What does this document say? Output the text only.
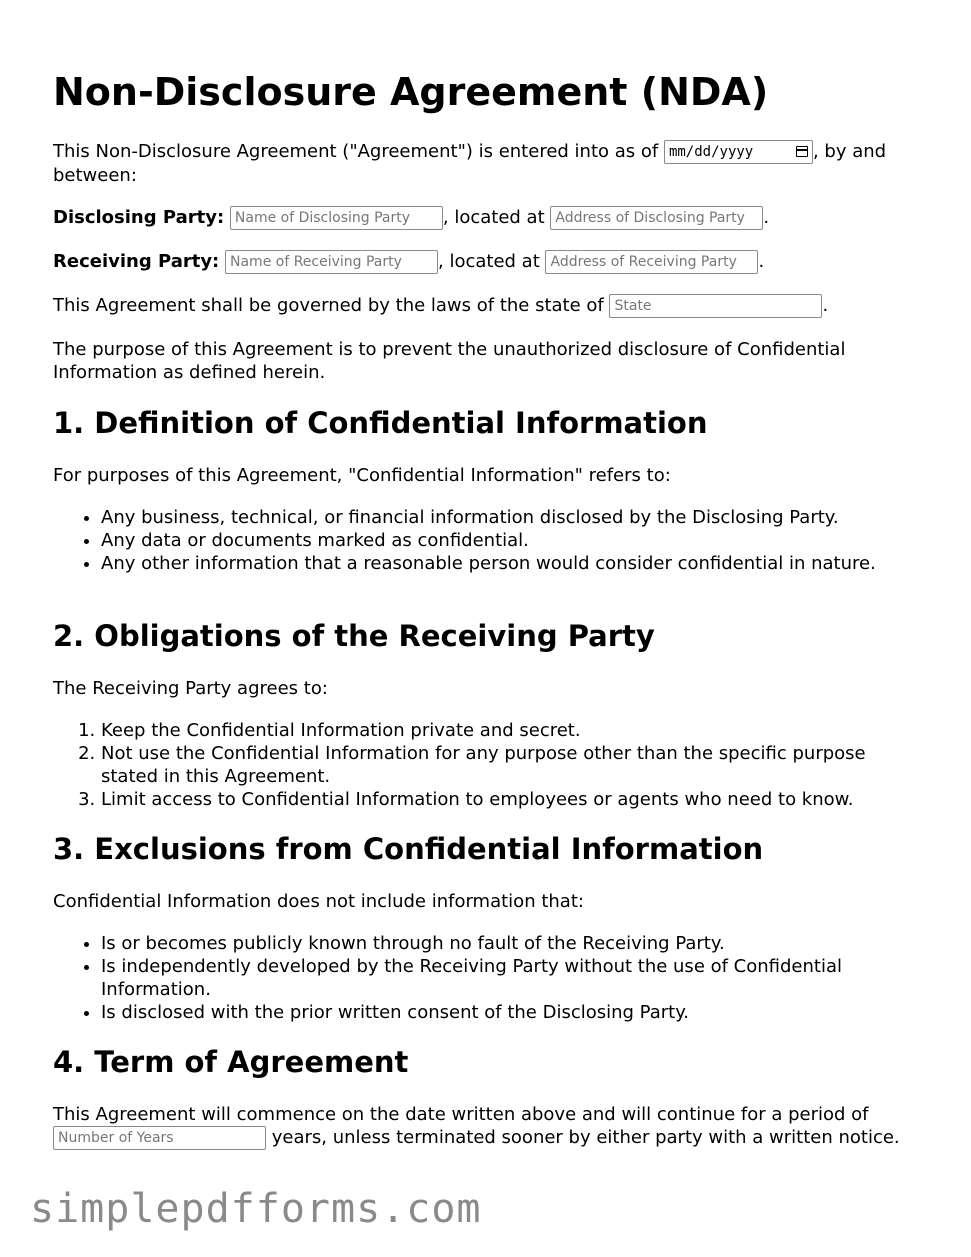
Non-Disclosure Agreement (NDA)

This Non-Disclosure Agreement ("Agreement") is entered into as of mm/dd/yyyy	, by and between:

Disclosing Party: Name of Disclosing Party , located at Address of Disclosing Party .

Receiving Party: Name of Receiving Party , located at Address of Receiving Party .

This Agreement shall be governed by the laws of the state of State	.

The purpose of this Agreement is to prevent the unauthorized disclosure of Confidential Information as defined herein.

1. Definition of Confidential Information

For purposes of this Agreement, "Confidential Information" refers to:

• Any business, technical, or financial information disclosed by the Disclosing Party.
• Any data or documents marked as confidential.
• Any other information that a reasonable person would consider confidential in nature.
2. Obligations of the Receiving Party

The Receiving Party agrees to:

1. Keep the Confidential Information private and secret.
2. Not use the Confidential Information for any purpose other than the specific purpose stated in this Agreement.
3. Limit access to Confidential Information to employees or agents who need to know.
3. Exclusions from Confidential Information

Confidential Information does not include information that:

• Is or becomes publicly known through no fault of the Receiving Party.
• Is independently developed by the Receiving Party without the use of Confidential Information.
• Is disclosed with the prior written consent of the Disclosing Party.
4. Term of Agreement

This Agreement will commence on the date written above and will continue for a period of Number of Years	years, unless terminated sooner by either party with a written notice.

simplepdfforms.com
